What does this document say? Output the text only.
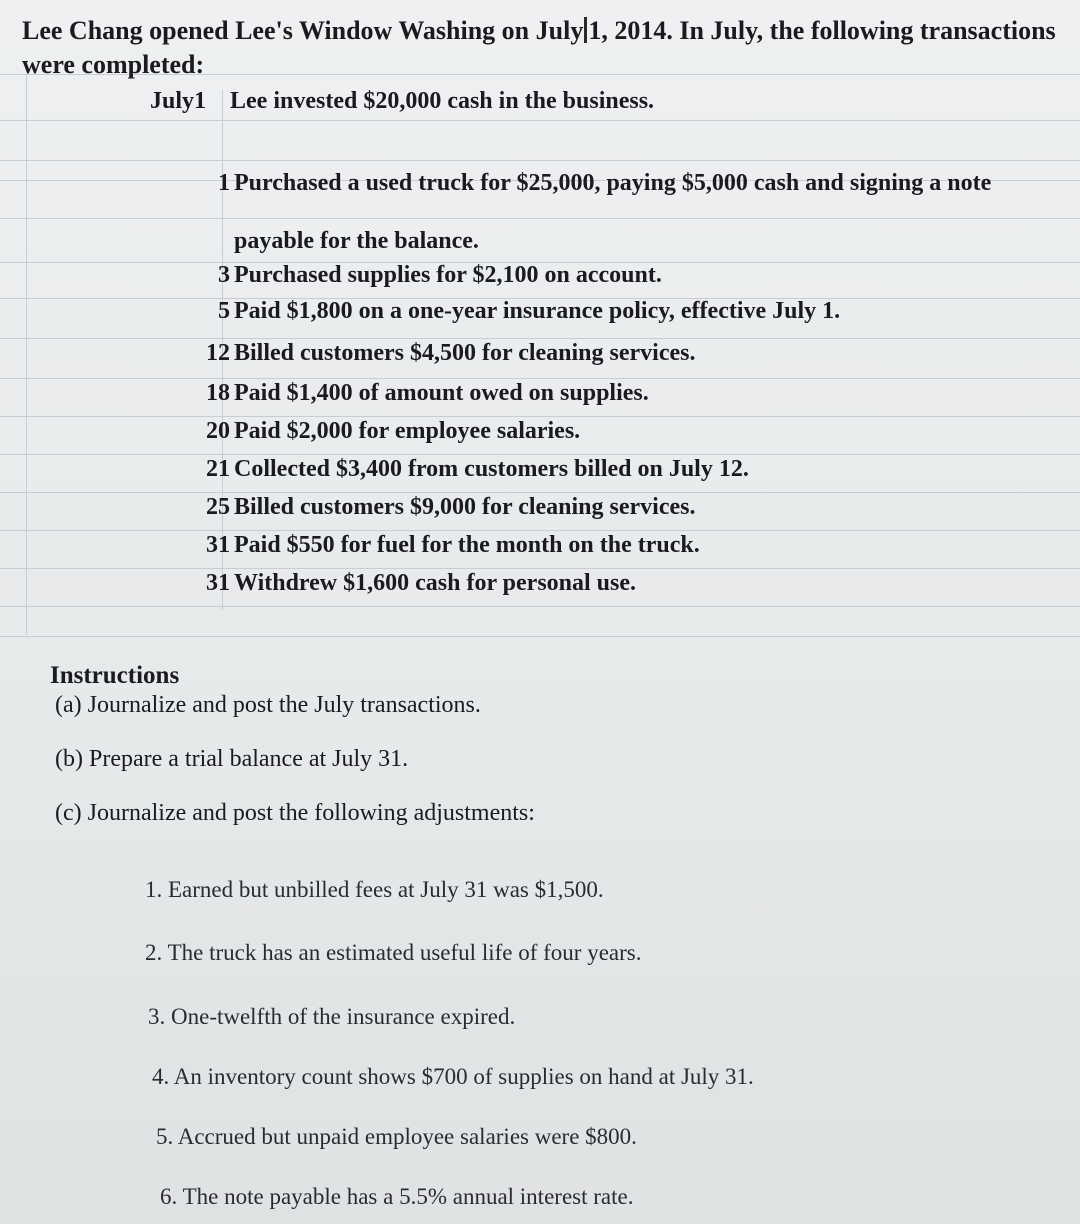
Lee Chang opened Lee's Window Washing on July 1, 2014. In July, the following transactions
were completed:
July1 Lee invested $20,000 cash in the business.
1 Purchased a used truck for $25,000, paying $5,000 cash and signing a note
payable for the balance.
3 Purchased supplies for $2,100 on account.
5 Paid $1,800 on a one-year insurance policy, effective July 1.
12 Billed customers $4,500 for cleaning services.
18 Paid $1,400 of amount owed on supplies.
20 Paid $2,000 for employee salaries.
21 Collected $3,400 from customers billed on July 12.
25 Billed customers $9,000 for cleaning services.
31 Paid $550 for fuel for the month on the truck.
31 Withdrew $1,600 cash for personal use.
Instructions
(a) Journalize and post the July transactions.
(b) Prepare a trial balance at July 31.
(c) Journalize and post the following adjustments:
1. Earned but unbilled fees at July 31 was $1,500.
2. The truck has an estimated useful life of four years.
3. One-twelfth of the insurance expired.
4. An inventory count shows $700 of supplies on hand at July 31.
5. Accrued but unpaid employee salaries were $800.
6. The note payable has a 5.5% annual interest rate.
